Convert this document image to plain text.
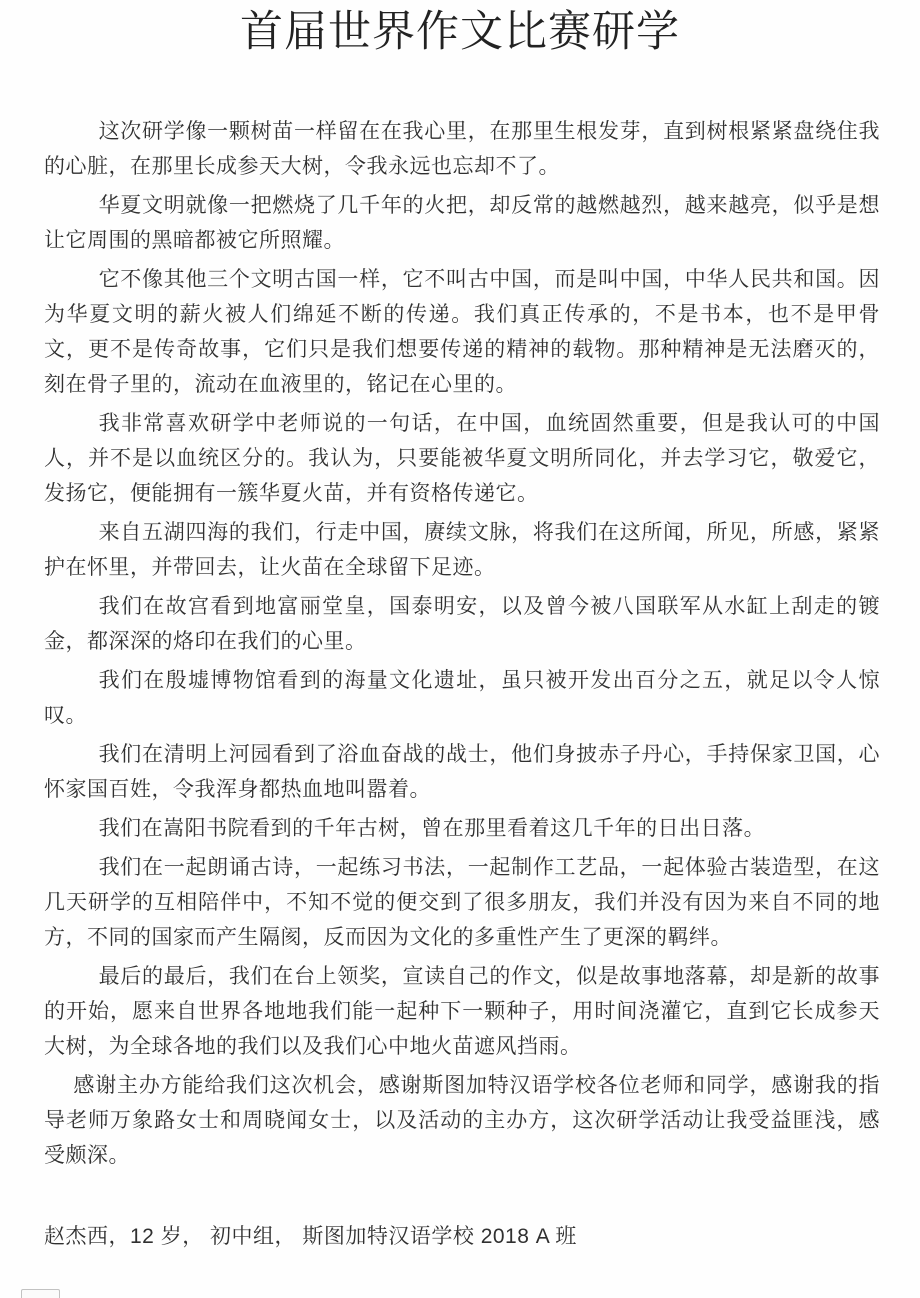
首届世界作文比赛研学

这次研学像一颗树苗一样留在在我心里，在那里生根发芽，直到树根紧紧盘绕住我的心脏，在那里长成参天大树，令我永远也忘却不了。

华夏文明就像一把燃烧了几千年的火把，却反常的越燃越烈，越来越亮，似乎是想让它周围的黑暗都被它所照耀。

它不像其他三个文明古国一样，它不叫古中国，而是叫中国，中华人民共和国。因为华夏文明的薪火被人们绵延不断的传递。我们真正传承的，不是书本，也不是甲骨文，更不是传奇故事，它们只是我们想要传递的精神的载物。那种精神是无法磨灭的，刻在骨子里的，流动在血液里的，铭记在心里的。

我非常喜欢研学中老师说的一句话，在中国，血统固然重要，但是我认可的中国人，并不是以血统区分的。我认为，只要能被华夏文明所同化，并去学习它，敬爱它，发扬它，便能拥有一簇华夏火苗，并有资格传递它。

来自五湖四海的我们，行走中国，赓续文脉，将我们在这所闻，所见，所感，紧紧护在怀里，并带回去，让火苗在全球留下足迹。

我们在故宫看到地富丽堂皇，国泰明安，以及曾今被八国联军从水缸上刮走的镀金，都深深的烙印在我们的心里。

我们在殷墟博物馆看到的海量文化遗址，虽只被开发出百分之五，就足以令人惊叹。

我们在清明上河园看到了浴血奋战的战士，他们身披赤子丹心，手持保家卫国，心怀家国百姓，令我浑身都热血地叫嚣着。

我们在嵩阳书院看到的千年古树，曾在那里看着这几千年的日出日落。

我们在一起朗诵古诗，一起练习书法，一起制作工艺品，一起体验古装造型，在这几天研学的互相陪伴中，不知不觉的便交到了很多朋友，我们并没有因为来自不同的地方，不同的国家而产生隔阂，反而因为文化的多重性产生了更深的羁绊。

最后的最后，我们在台上领奖，宣读自己的作文，似是故事地落幕，却是新的故事的开始，愿来自世界各地地我们能一起种下一颗种子，用时间浇灌它，直到它长成参天大树，为全球各地的我们以及我们心中地火苗遮风挡雨。

感谢主办方能给我们这次机会，感谢斯图加特汉语学校各位老师和同学，感谢我的指导老师万象路女士和周晓闻女士，以及活动的主办方，这次研学活动让我受益匪浅，感受颇深。

赵杰西，12 岁， 初中组， 斯图加特汉语学校 2018 A 班
